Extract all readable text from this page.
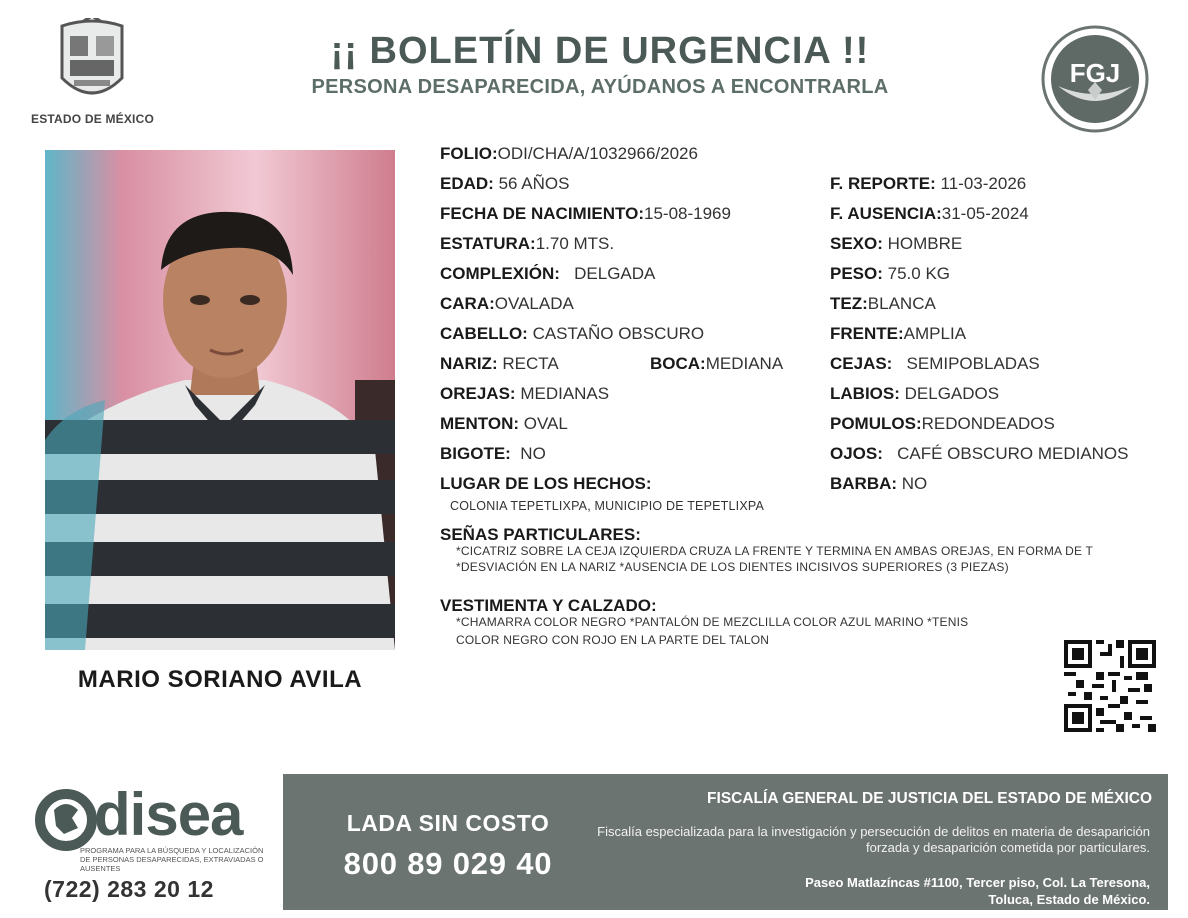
ESTADO DE MÉXICO
¡¡ BOLETÍN DE URGENCIA !!
PERSONA DESAPARECIDA, AYÚDANOS A ENCONTRARLA	FGJ
MARIO SORIANO AVILA
FOLIO:ODI/CHA/A/1032966/2026
EDAD: 56 AÑOS
FECHA DE NACIMIENTO:15-08-1969
ESTATURA:1.70 MTS.
COMPLEXIÓN: DELGADA
CARA:OVALADA
CABELLO: CASTAÑO OBSCURO
NARIZ: RECTA	BOCA:MEDIANA
OREJAS: MEDIANAS
MENTON: OVAL
BIGOTE: NO
LUGAR DE LOS HECHOS:
COLONIA TEPETLIXPA, MUNICIPIO DE TEPETLIXPA
F. REPORTE: 11-03-2026
F. AUSENCIA:31-05-2024
SEXO: HOMBRE
PESO: 75.0 KG
TEZ:BLANCA
FRENTE:AMPLIA
CEJAS: SEMIPOBLADAS
LABIOS: DELGADOS
POMULOS:REDONDEADOS
OJOS: CAFÉ OBSCURO MEDIANOS
BARBA: NO
SEÑAS PARTICULARES:
*CICATRIZ SOBRE LA CEJA IZQUIERDA CRUZA LA FRENTE Y TERMINA EN AMBAS OREJAS, EN FORMA DE T
*DESVIACIÓN EN LA NARIZ *AUSENCIA DE LOS DIENTES INCISIVOS SUPERIORES (3 PIEZAS)
VESTIMENTA Y CALZADO:
*CHAMARRA COLOR NEGRO *PANTALÓN DE MEZCLILLA COLOR AZUL MARINO *TENIS
COLOR NEGRO CON ROJO EN LA PARTE DEL TALON
disea
PROGRAMA PARA LA BÚSQUEDA Y LOCALIZACIÓN DE PERSONAS DESAPARECIDAS, EXTRAVIADAS O AUSENTES
(722) 283 20 12
LADA SIN COSTO
800 89 029 40
FISCALÍA GENERAL DE JUSTICIA DEL ESTADO DE MÉXICO
Fiscalía especializada para la investigación y persecución de delitos en materia de desaparición forzada y desaparición cometida por particulares.
Paseo Matlazíncas #1100, Tercer piso, Col. La Teresona,
Toluca, Estado de México.
